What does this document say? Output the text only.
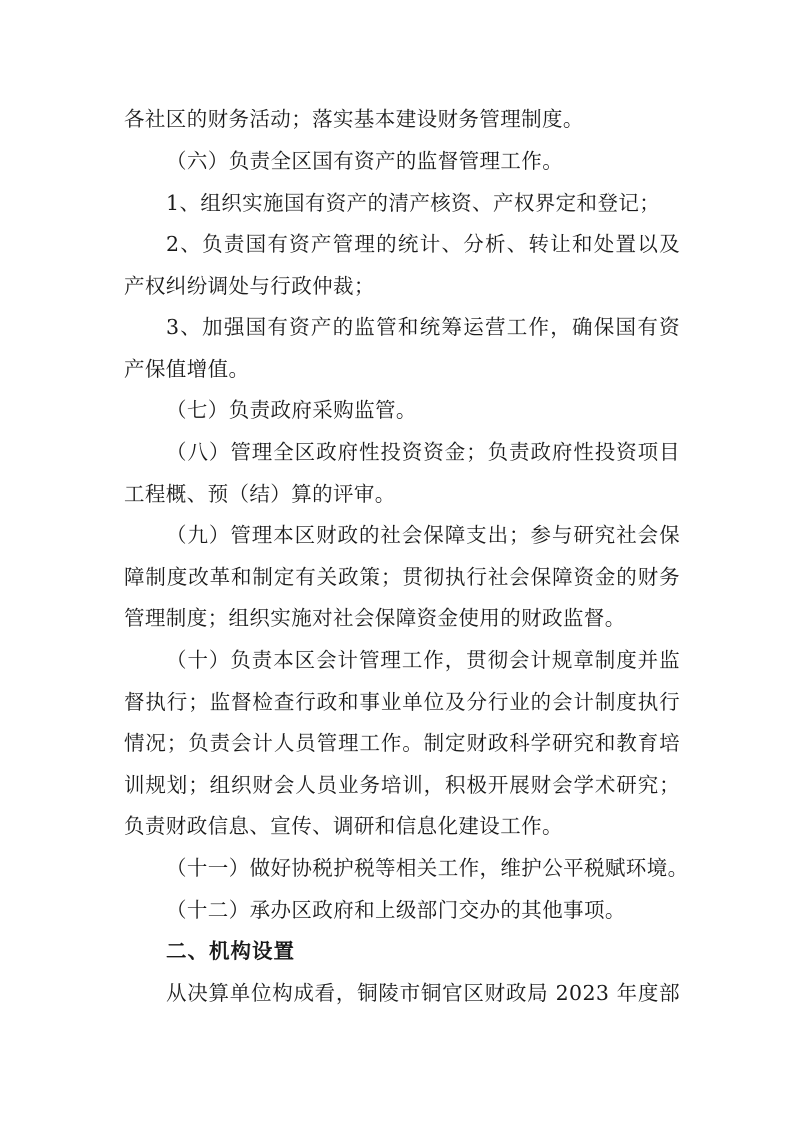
各社区的财务活动；落实基本建设财务管理制度。
（六）负责全区国有资产的监督管理工作。
1、组织实施国有资产的清产核资、产权界定和登记；
2、负责国有资产管理的统计、分析、转让和处置以及
产权纠纷调处与行政仲裁；
3、加强国有资产的监管和统筹运营工作，确保国有资
产保值增值。
（七）负责政府采购监管。
（八）管理全区政府性投资资金；负责政府性投资项目
工程概、预（结）算的评审。
（九）管理本区财政的社会保障支出；参与研究社会保
障制度改革和制定有关政策；贯彻执行社会保障资金的财务
管理制度；组织实施对社会保障资金使用的财政监督。
（十）负责本区会计管理工作，贯彻会计规章制度并监
督执行；监督检查行政和事业单位及分行业的会计制度执行
情况；负责会计人员管理工作。制定财政科学研究和教育培
训规划；组织财会人员业务培训，积极开展财会学术研究；
负责财政信息、宣传、调研和信息化建设工作。
（十一）做好协税护税等相关工作，维护公平税赋环境。
（十二）承办区政府和上级部门交办的其他事项。
二、机构设置
从决算单位构成看，铜陵市铜官区财政局 2023 年度部
